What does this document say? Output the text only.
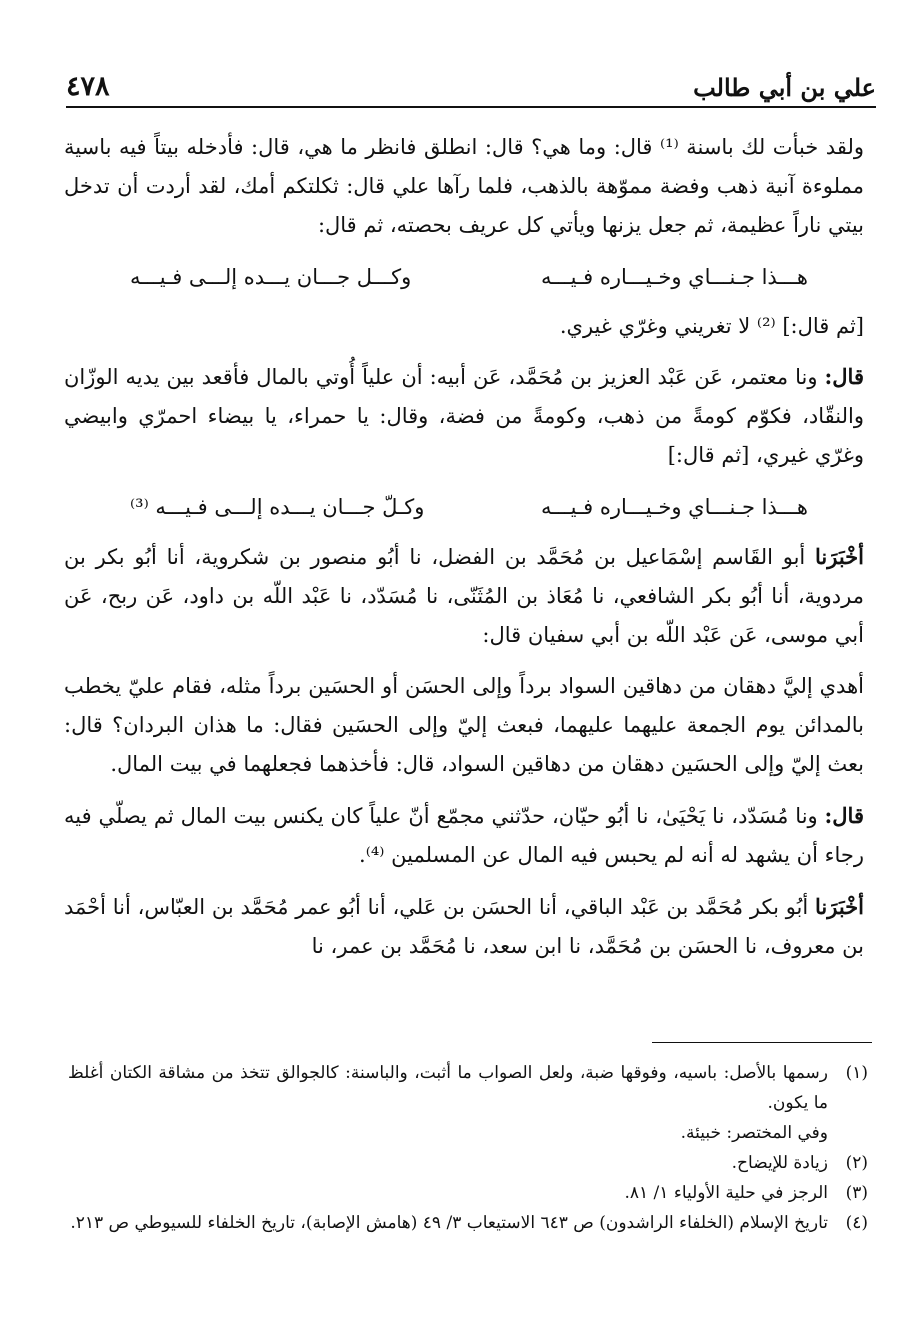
علي بن أبي طالب
٤٧٨

ولقد خبأت لك باسنة ⁽¹⁾ قال: وما هي؟ قال: انطلق فانظر ما هي، قال: فأدخله بيتاً فيه باسية مملوءة آنية ذهب وفضة مموّهة بالذهب، فلما رآها علي قال: ثكلتكم أمك، لقد أردت أن تدخل بيتي ناراً عظيمة، ثم جعل يزنها ويأتي كل عريف بحصته، ثم قال:

هـــذا جـنـــاي وخـيـــاره فـيـــه
وكـــل جـــان يـــده إلـــى فـيـــه

[ثم قال:] ⁽²⁾ لا تغريني وغرّي غيري.

قال: ونا معتمر، عَن عَبْد العزيز بن مُحَمَّد، عَن أبيه: أن علياً أُوتي بالمال فأقعد بين يديه الوزّان والنقّاد، فكوّم كومةً من ذهب، وكومةً من فضة، وقال: يا حمراء، يا بيضاء احمرّي وابيضي وغرّي غيري، [ثم قال:]

هـــذا جـنـــاي وخـيـــاره فـيـــه
وكـلّ جـــان يـــده إلـــى فـيـــه ⁽³⁾

أخْبَرَنا أبو القَاسم إسْمَاعيل بن مُحَمَّد بن الفضل، نا أبُو منصور بن شكروية، أنا أبُو بكر بن مردوية، أنا أبُو بكر الشافعي، نا مُعَاذ بن المُثَنّى، نا مُسَدّد، نا عَبْد اللّه بن داود، عَن ربح، عَن أبي موسى، عَن عَبْد اللّه بن أبي سفيان قال:

أهدي إليَّ دهقان من دهاقين السواد برداً وإلى الحسَن أو الحسَين برداً مثله، فقام عليّ يخطب بالمدائن يوم الجمعة عليهما عليهما، فبعث إليّ وإلى الحسَين فقال: ما هذان البردان؟ قال: بعث إليّ وإلى الحسَين دهقان من دهاقين السواد، قال: فأخذهما فجعلهما في بيت المال.

قال: ونا مُسَدّد، نا يَحْيَىٰ، نا أبُو حيّان، حدّثني مجمّع أنّ علياً كان يكنس بيت المال ثم يصلّي فيه رجاء أن يشهد له أنه لم يحبس فيه المال عن المسلمين ⁽⁴⁾.

أخْبَرَنا أبُو بكر مُحَمَّد بن عَبْد الباقي، أنا الحسَن بن عَلي، أنا أبُو عمر مُحَمَّد بن العبّاس، أنا أحْمَد بن معروف، نا الحسَن بن مُحَمَّد، نا ابن سعد، نا مُحَمَّد بن عمر، نا

(١)
رسمها بالأصل: باسيه، وفوقها ضبة، ولعل الصواب ما أثبت، والباسنة: كالجوالق تتخذ من مشاقة الكتان أغلظ ما يكون.
وفي المختصر: خبيئة.
(٢)
زيادة للإيضاح.
(٣)
الرجز في حلية الأولياء ١/ ٨١.
(٤)
تاريخ الإسلام (الخلفاء الراشدون) ص ٦٤٣ الاستيعاب ٣/ ٤٩ (هامش الإصابة)، تاريخ الخلفاء للسيوطي ص ٢١٣.
